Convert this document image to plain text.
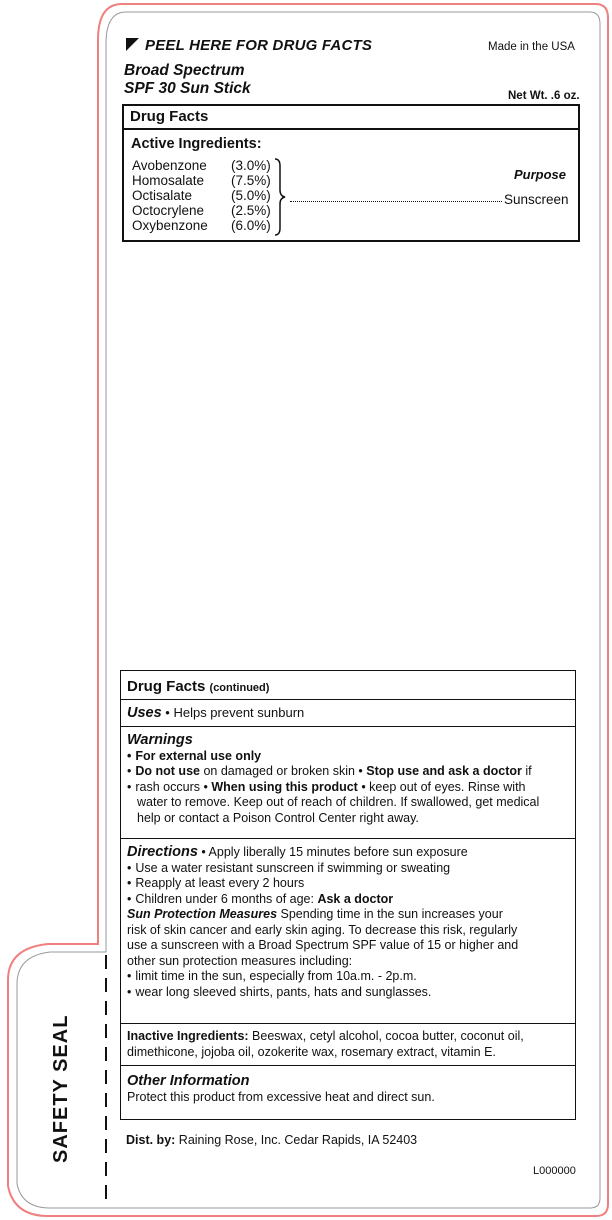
PEEL HERE FOR DRUG FACTS	Made in the USA
Broad Spectrum
SPF 30 Sun Stick	Net Wt. .6 oz.
Drug Facts
Active Ingredients:
Avobenzone (3.0%)
Homosalate (7.5%)
Octisalate	(5.0%)
Octocrylene (2.5%)
Oxybenzone (6.0%)
Purpose
Sunscreen
Drug Facts (continued)
Uses • Helps prevent sunburn
Warnings
• For external use only
• Do not use on damaged or broken skin • Stop use and ask a doctor if
• rash occurs • When using this product • keep out of eyes. Rinse with
water to remove. Keep out of reach of children. If swallowed, get medical
help or contact a Poison Control Center right away.
Directions • Apply liberally 15 minutes before sun exposure
• Use a water resistant sunscreen if swimming or sweating
• Reapply at least every 2 hours
• Children under 6 months of age: Ask a doctor
Sun Protection Measures Spending time in the sun increases your
risk of skin cancer and early skin aging. To decrease this risk, regularly
use a sunscreen with a Broad Spectrum SPF value of 15 or higher and
other sun protection measures including:
• limit time in the sun, especially from 10a.m. - 2p.m.
• wear long sleeved shirts, pants, hats and sunglasses.
Inactive Ingredients: Beeswax, cetyl alcohol, cocoa butter, coconut oil,
dimethicone, jojoba oil, ozokerite wax, rosemary extract, vitamin E.
Other Information
Protect this product from excessive heat and direct sun.
Dist. by: Raining Rose, Inc. Cedar Rapids, IA 52403
L000000
SAFETY SEAL
